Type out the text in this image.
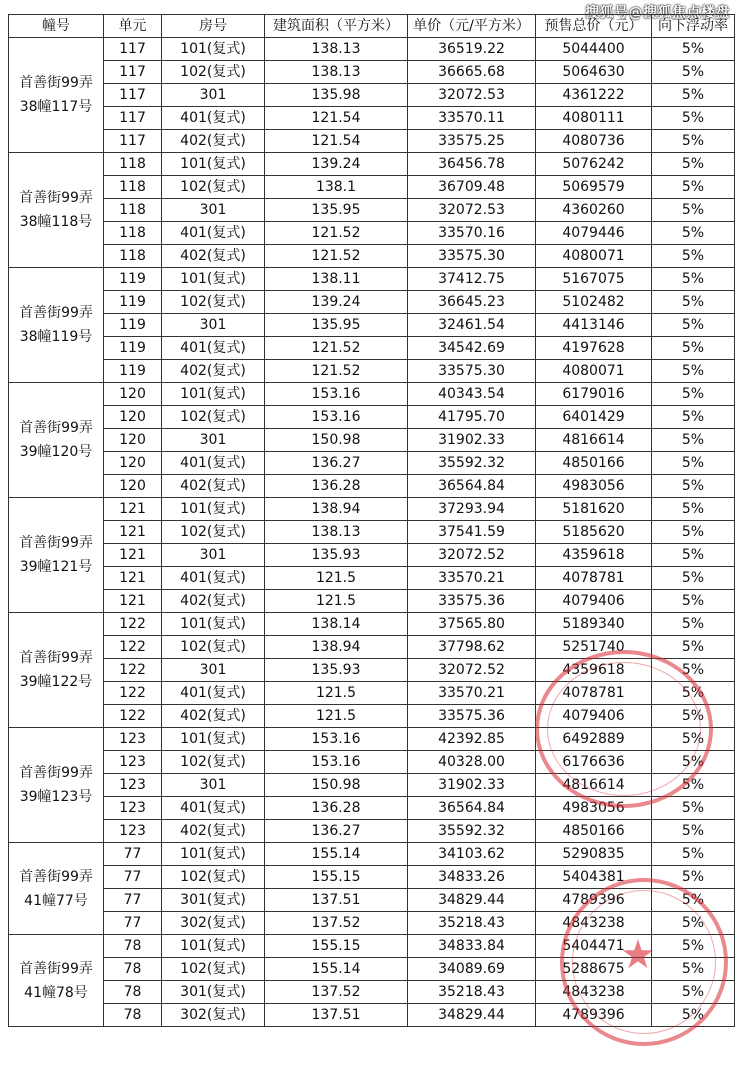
搜狐号@搜狐焦点楼盘
幢号	单元	房号	建筑面积（平方米）	单价（元/平方米）	预售总价（元）	向下浮动率
首善街99弄
38幢117号	117	101(复式)	138.13	36519.22	5044400	5%
	117	102(复式)	138.13	36665.68	5064630	5%
	117	301	135.98	32072.53	4361222	5%
	117	401(复式)	121.54	33570.11	4080111	5%
	117	402(复式)	121.54	33575.25	4080736	5%
首善街99弄
38幢118号	118	101(复式)	139.24	36456.78	5076242	5%
	118	102(复式)	138.1	36709.48	5069579	5%
	118	301	135.95	32072.53	4360260	5%
	118	401(复式)	121.52	33570.16	4079446	5%
	118	402(复式)	121.52	33575.30	4080071	5%
首善街99弄
38幢119号	119	101(复式)	138.11	37412.75	5167075	5%
	119	102(复式)	139.24	36645.23	5102482	5%
	119	301	135.95	32461.54	4413146	5%
	119	401(复式)	121.52	34542.69	4197628	5%
	119	402(复式)	121.52	33575.30	4080071	5%
首善街99弄
39幢120号	120	101(复式)	153.16	40343.54	6179016	5%
	120	102(复式)	153.16	41795.70	6401429	5%
	120	301	150.98	31902.33	4816614	5%
	120	401(复式)	136.27	35592.32	4850166	5%
	120	402(复式)	136.28	36564.84	4983056	5%
首善街99弄
39幢121号	121	101(复式)	138.94	37293.94	5181620	5%
	121	102(复式)	138.13	37541.59	5185620	5%
	121	301	135.93	32072.52	4359618	5%
	121	401(复式)	121.5	33570.21	4078781	5%
	121	402(复式)	121.5	33575.36	4079406	5%
首善街99弄
39幢122号	122	101(复式)	138.14	37565.80	5189340	5%
	122	102(复式)	138.94	37798.62	5251740	5%
	122	301	135.93	32072.52	4359618	5%
	122	401(复式)	121.5	33570.21	4078781	5%
	122	402(复式)	121.5	33575.36	4079406	5%
首善街99弄
39幢123号	123	101(复式)	153.16	42392.85	6492889	5%
	123	102(复式)	153.16	40328.00	6176636	5%
	123	301	150.98	31902.33	4816614	5%
	123	401(复式)	136.28	36564.84	4983056	5%
	123	402(复式)	136.27	35592.32	4850166	5%
首善街99弄
41幢77号	77	101(复式)	155.14	34103.62	5290835	5%
	77	102(复式)	155.15	34833.26	5404381	5%
	77	301(复式)	137.51	34829.44	4789396	5%
	77	302(复式)	137.52	35218.43	4843238	5%
首善街99弄
41幢78号	78	101(复式)	155.15	34833.84	5404471	5%
	78	102(复式)	155.14	34089.69	5288675	5%
	78	301(复式)	137.52	35218.43	4843238	5%
	78	302(复式)	137.51	34829.44	4789396	5%
★
